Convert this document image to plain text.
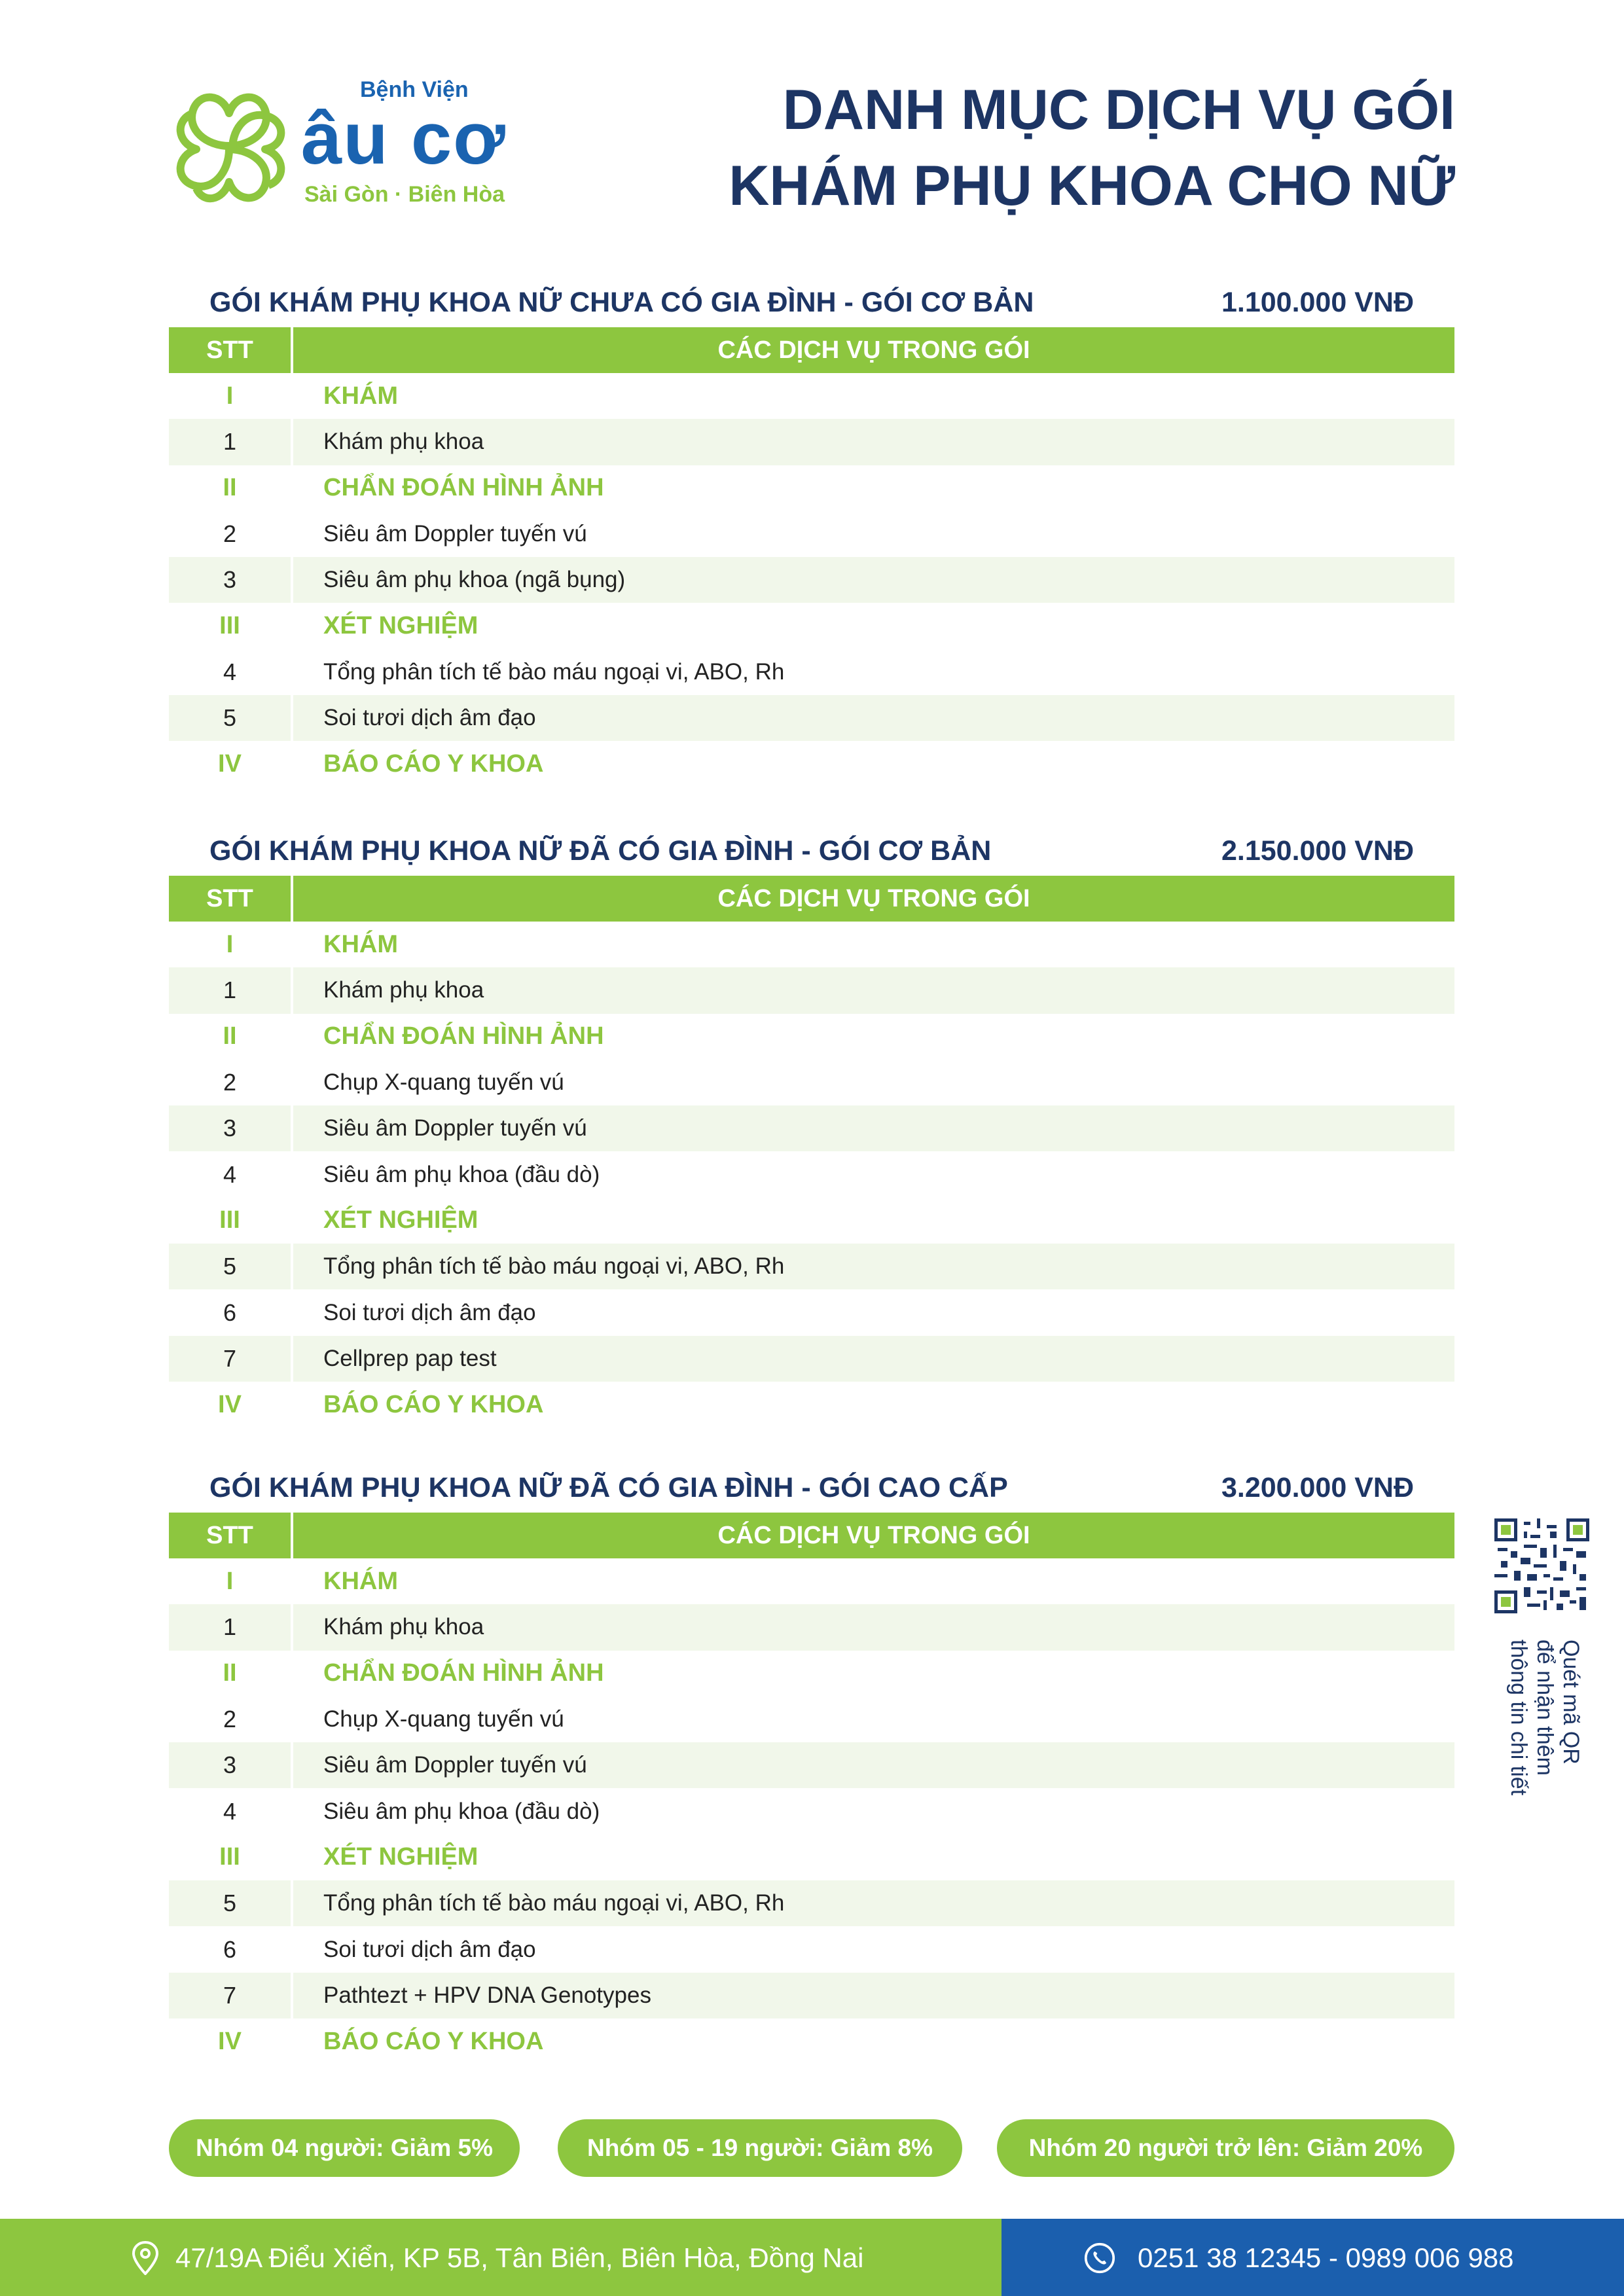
Bệnh Viện
âu cơ
Sài Gòn · Biên Hòa
DANH MỤC DỊCH VỤ GÓI
KHÁM PHỤ KHOA CHO NỮ
GÓI KHÁM PHỤ KHOA NỮ CHƯA CÓ GIA ĐÌNH - GÓI CƠ BẢN	1.100.000 VNĐ
STT	CÁC DỊCH VỤ TRONG GÓI
I	KHÁM
1	Khám phụ khoa
II	CHẨN ĐOÁN HÌNH ẢNH
2	Siêu âm Doppler tuyến vú
3	Siêu âm phụ khoa (ngã bụng)
III	XÉT NGHIỆM
4	Tổng phân tích tế bào máu ngoại vi, ABO, Rh
5	Soi tươi dịch âm đạo
IV	BÁO CÁO Y KHOA
GÓI KHÁM PHỤ KHOA NỮ ĐÃ CÓ GIA ĐÌNH - GÓI CƠ BẢN	2.150.000 VNĐ
STT	CÁC DỊCH VỤ TRONG GÓI
I	KHÁM
1	Khám phụ khoa
II	CHẨN ĐOÁN HÌNH ẢNH
2	Chụp X-quang tuyến vú
3	Siêu âm Doppler tuyến vú
4	Siêu âm phụ khoa (đầu dò)
III	XÉT NGHIỆM
5	Tổng phân tích tế bào máu ngoại vi, ABO, Rh
6	Soi tươi dịch âm đạo
7	Cellprep pap test
IV	BÁO CÁO Y KHOA
GÓI KHÁM PHỤ KHOA NỮ ĐÃ CÓ GIA ĐÌNH - GÓI CAO CẤP	3.200.000 VNĐ
STT	CÁC DỊCH VỤ TRONG GÓI
I	KHÁM
1	Khám phụ khoa
II	CHẨN ĐOÁN HÌNH ẢNH
2	Chụp X-quang tuyến vú
3	Siêu âm Doppler tuyến vú
4	Siêu âm phụ khoa (đầu dò)
III	XÉT NGHIỆM
5	Tổng phân tích tế bào máu ngoại vi, ABO, Rh
6	Soi tươi dịch âm đạo
7	Pathtezt + HPV DNA Genotypes
IV	BÁO CÁO Y KHOA
Quét mã QR
để nhận thêm
thông tin chi tiết
Nhóm 04 người: Giảm 5%	Nhóm 05 - 19 người: Giảm 8%	Nhóm 20 người trở lên: Giảm 20%
47/19A Điểu Xiển, KP 5B, Tân Biên, Biên Hòa, Đồng Nai	0251 38 12345 - 0989 006 988
